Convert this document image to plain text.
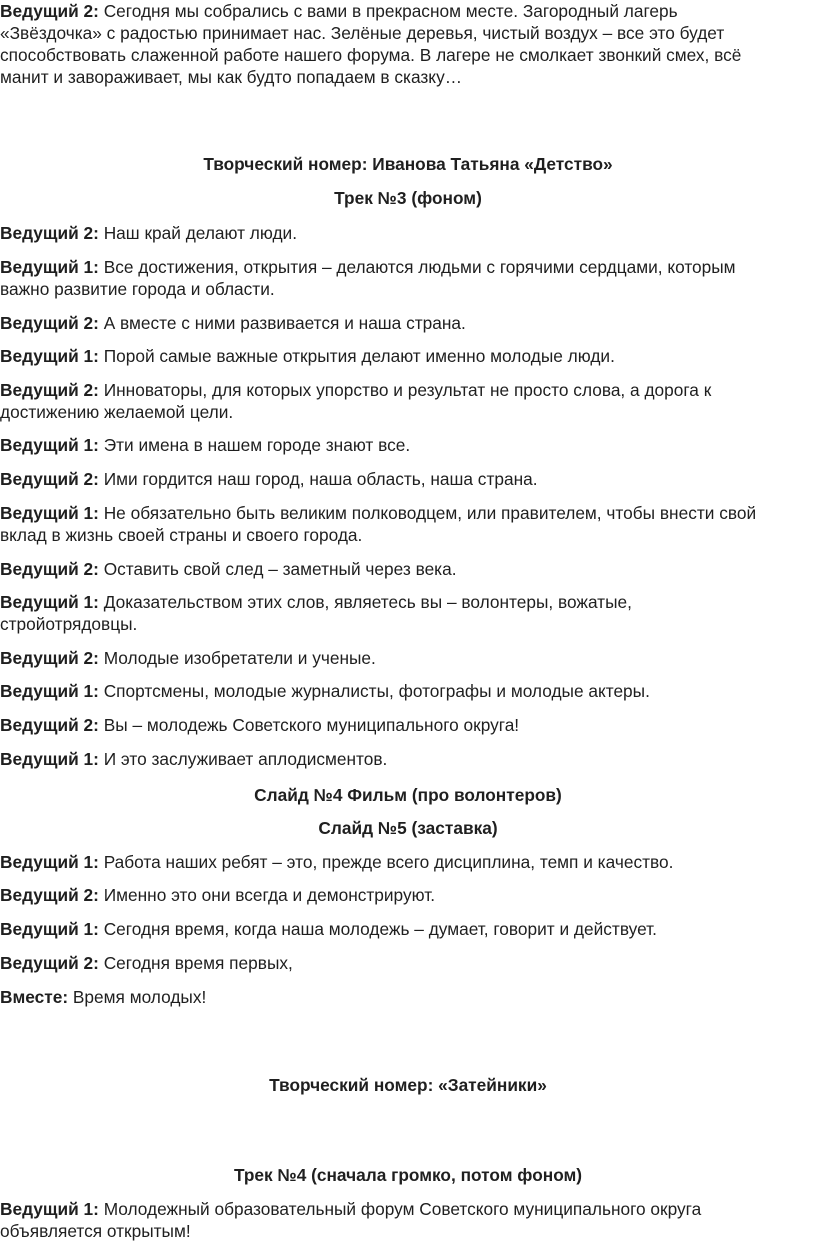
Ведущий 2: Сегодня мы собрались с вами в прекрасном месте. Загородный лагерь
«Звёздочка» с радостью принимает нас. Зелёные деревья, чистый воздух – все это будет
способствовать слаженной работе нашего форума. В лагере не смолкает звонкий смех, всё
манит и завораживает, мы как будто попадаем в сказку…
Творческий номер: Иванова Татьяна «Детство»
Трек №3 (фоном)
Ведущий 2: Наш край делают люди.
Ведущий 1: Все достижения, открытия – делаются людьми с горячими сердцами, которым
важно развитие города и области.
Ведущий 2: А вместе с ними развивается и наша страна.
Ведущий 1: Порой самые важные открытия делают именно молодые люди.
Ведущий 2: Инноваторы, для которых упорство и результат не просто слова, а дорога к
достижению желаемой цели.
Ведущий 1: Эти имена в нашем городе знают все.
Ведущий 2: Ими гордится наш город, наша область, наша страна.
Ведущий 1: Не обязательно быть великим полководцем, или правителем, чтобы внести свой
вклад в жизнь своей страны и своего города.
Ведущий 2: Оставить свой след – заметный через века.
Ведущий 1: Доказательством этих слов, являетесь вы – волонтеры, вожатые,
стройотрядовцы.
Ведущий 2: Молодые изобретатели и ученые.
Ведущий 1: Спортсмены, молодые журналисты, фотографы и молодые актеры.
Ведущий 2: Вы – молодежь Советского муниципального округа!
Ведущий 1: И это заслуживает аплодисментов.
Слайд №4 Фильм (про волонтеров)
Слайд №5 (заставка)
Ведущий 1: Работа наших ребят – это, прежде всего дисциплина, темп и качество.
Ведущий 2: Именно это они всегда и демонстрируют.
Ведущий 1: Сегодня время, когда наша молодежь – думает, говорит и действует.
Ведущий 2: Сегодня время первых,
Вместе: Время молодых!
Творческий номер: «Затейники»
Трек №4 (сначала громко, потом фоном)
Ведущий 1: Молодежный образовательный форум Советского муниципального округа
объявляется открытым!
